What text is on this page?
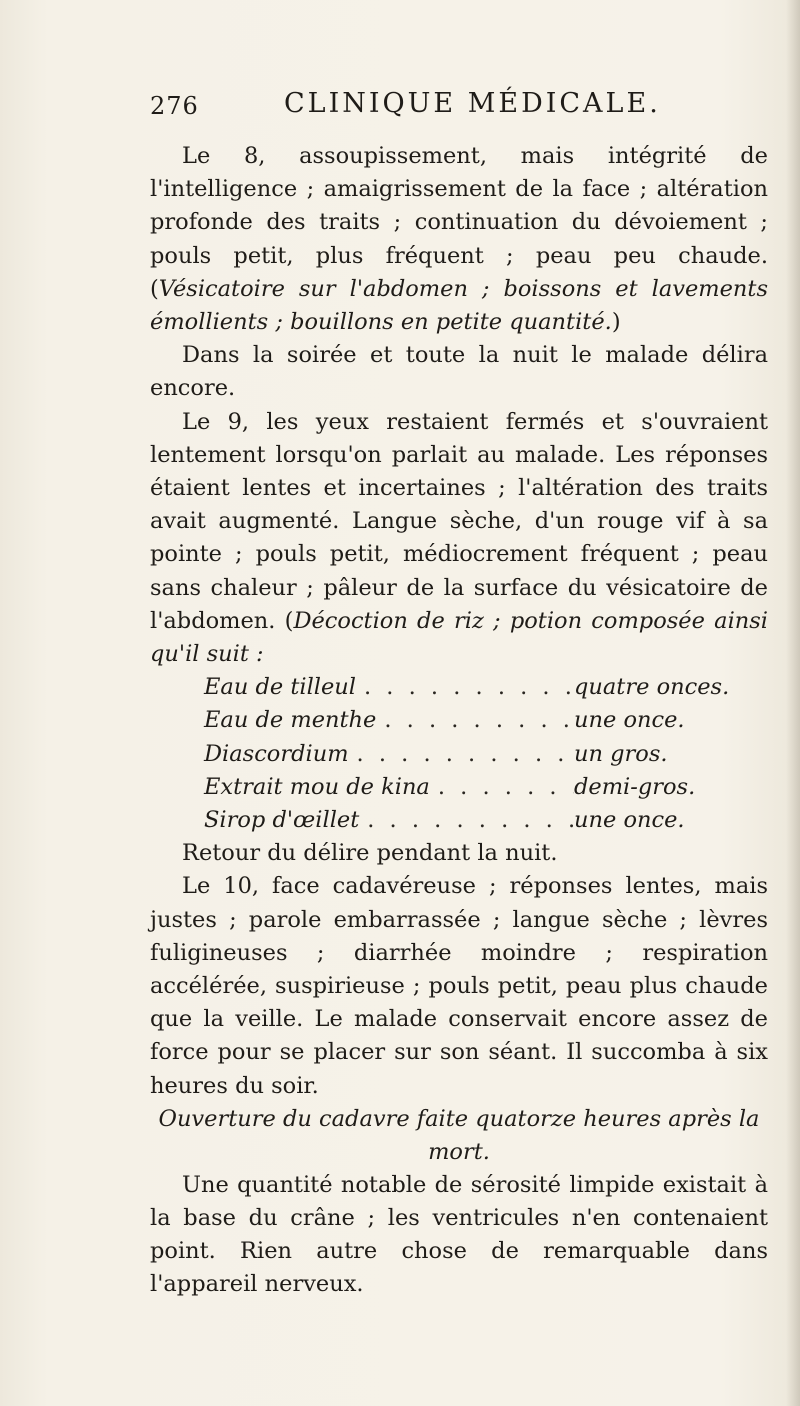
276	CLINIQUE MÉDICALE.

Le 8, assoupissement, mais intégrité de l'intelligence ; amaigrissement de la face ; altération profonde des traits ; continuation du dévoiement ; pouls petit, plus fréquent ; peau peu chaude. (Vésicatoire sur l'abdomen ; boissons et lavements émollients ; bouillons en petite quantité.)

Dans la soirée et toute la nuit le malade délira encore.

Le 9, les yeux restaient fermés et s'ouvraient lentement lorsqu'on parlait au malade. Les réponses étaient lentes et incertaines ; l'altération des traits avait augmenté. Langue sèche, d'un rouge vif à sa pointe ; pouls petit, médiocrement fréquent ; peau sans chaleur ; pâleur de la surface du vésicatoire de l'abdomen. (Décoction de riz ; potion composée ainsi qu'il suit :

Eau de tilleul . . .	quatre onces.
Eau de menthe . . .	une once.
Diascordium . . .	un gros.
Extrait mou de kina . . .	demi-gros.
Sirop d'œillet . . .	une once.

Retour du délire pendant la nuit.

Le 10, face cadavéreuse ; réponses lentes, mais justes ; parole embarrassée ; langue sèche ; lèvres fuligineuses ; diarrhée moindre ; respiration accélérée, suspirieuse ; pouls petit, peau plus chaude que la veille. Le malade conservait encore assez de force pour se placer sur son séant. Il succomba à six heures du soir.

Ouverture du cadavre faite quatorze heures après la mort.

Une quantité notable de sérosité limpide existait à la base du crâne ; les ventricules n'en contenaient point. Rien autre chose de remarquable dans l'appareil nerveux.
